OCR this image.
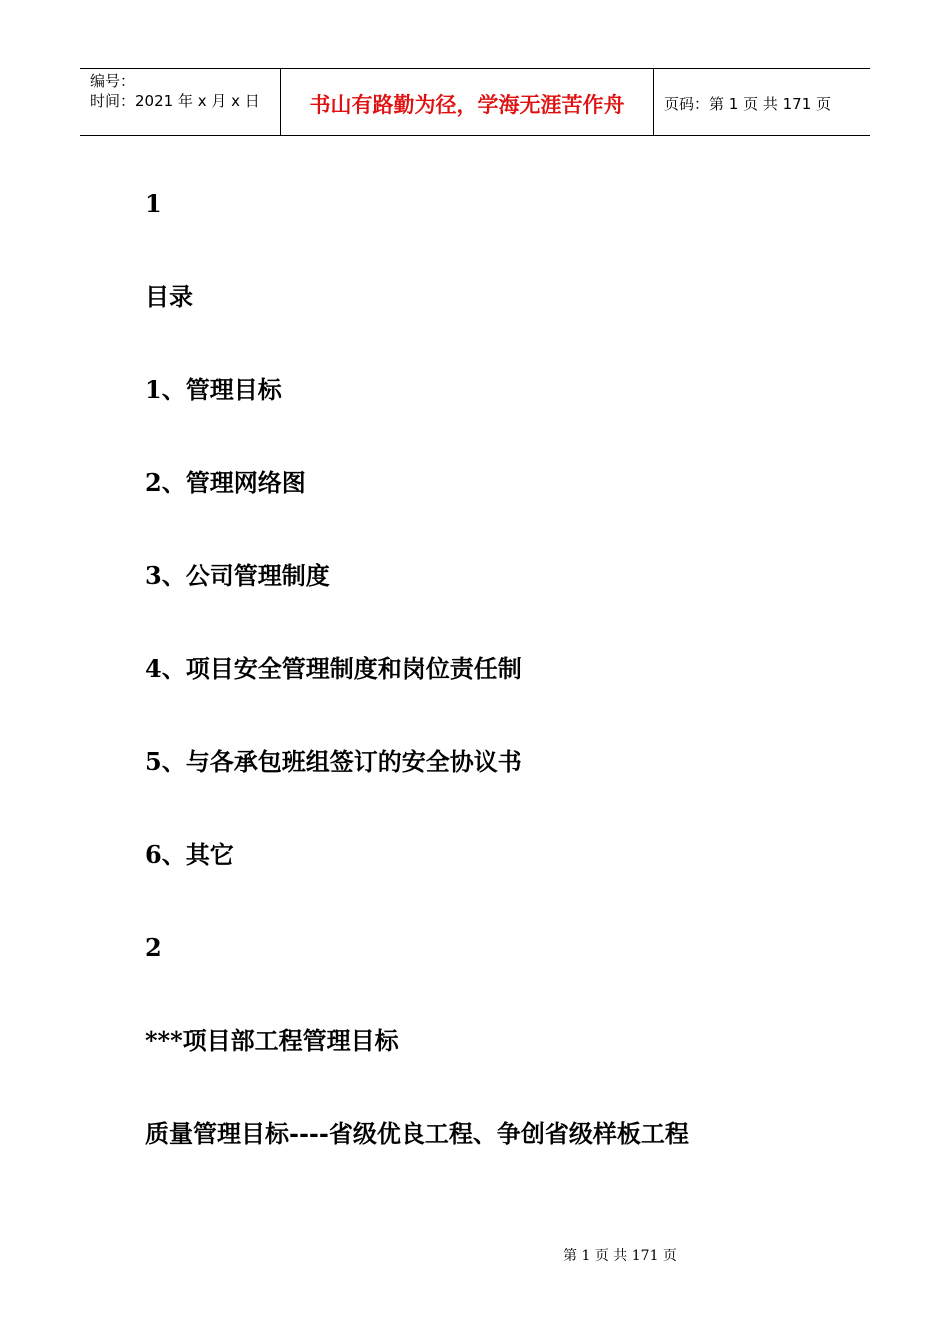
编号：
时间：2021 年 x 月 x 日	书山有路勤为径，学海无涯苦作舟	页码：第 1 页 共 171 页
1
目录
1、管理目标
2、管理网络图
3、公司管理制度
4、项目安全管理制度和岗位责任制
5、与各承包班组签订的安全协议书
6、其它
2
***项目部工程管理目标
质量管理目标----省级优良工程、争创省级样板工程
第 1 页 共 171 页
